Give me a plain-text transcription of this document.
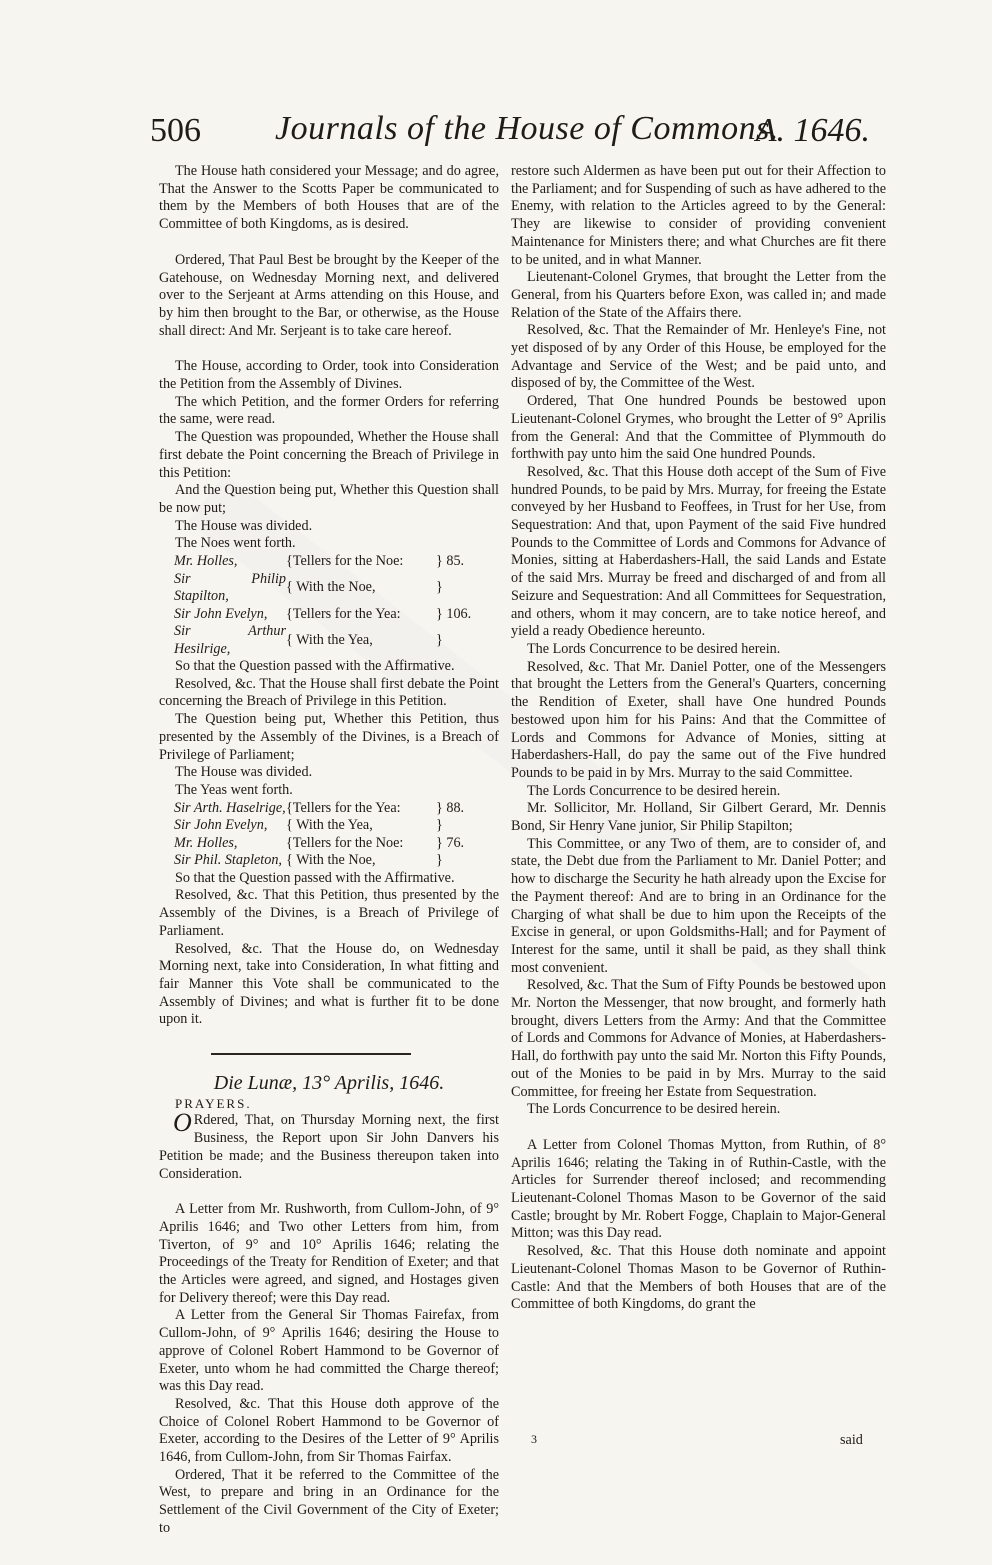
506 Journals of the House of Commons.
A. 1646.

The House hath considered your Message; and do agree, That the Answer to the Scotts Paper be communicated to them by the Members of both Houses that are of the Committee of both Kingdoms, as is desired.

Ordered, That Paul Best be brought by the Keeper of the Gatehouse, on Wednesday Morning next, and delivered over to the Serjeant at Arms attending on this House, and by him then brought to the Bar, or otherwise, as the House shall direct: And Mr. Serjeant is to take care hereof.

The House, according to Order, took into Consideration the Petition from the Assembly of Divines.

The which Petition, and the former Orders for referring the same, were read.

The Question was propounded, Whether the House shall first debate the Point concerning the Breach of Privilege in this Petition:

And the Question being put, Whether this Question shall be now put;

The House was divided.

The Noes went forth.

Mr. Holles,	{Tellers for the Noe:	} 85.
Sir Philip Stapilton,	{ With the Noe,	}
Sir John Evelyn,	{Tellers for the Yea:	} 106.
Sir Arthur Hesilrige,	{ With the Yea,	}

So that the Question passed with the Affirmative.

Resolved, &c. That the House shall first debate the Point concerning the Breach of Privilege in this Petition.

The Question being put, Whether this Petition, thus presented by the Assembly of the Divines, is a Breach of Privilege of Parliament;

The House was divided.

The Yeas went forth.

Sir Arth. Haselrige,	{Tellers for the Yea:	} 88.
Sir John Evelyn,	{ With the Yea,	}
Mr. Holles,	{Tellers for the Noe:	} 76.
Sir Phil. Stapleton,	{ With the Noe,	}

So that the Question passed with the Affirmative.

Resolved, &c. That this Petition, thus presented by the Assembly of the Divines, is a Breach of Privilege of Parliament.

Resolved, &c. That the House do, on Wednesday Morning next, take into Consideration, In what fitting and fair Manner this Vote shall be communicated to the Assembly of Divines; and what is further fit to be done upon it.

Die Lunæ, 13° Aprilis, 1646.

PRAYERS.

O Rdered, That, on Thursday Morning next, the first Business, the Report upon Sir John Danvers his Petition be made; and the Business thereupon taken into Consideration.

A Letter from Mr. Rushworth, from Cullom-John, of 9° Aprilis 1646; and Two other Letters from him, from Tiverton, of 9° and 10° Aprilis 1646; relating the Proceedings of the Treaty for Rendition of Exeter; and that the Articles were agreed, and signed, and Hostages given for Delivery thereof; were this Day read.

A Letter from the General Sir Thomas Fairefax, from Cullom-John, of 9° Aprilis 1646; desiring the House to approve of Colonel Robert Hammond to be Governor of Exeter, unto whom he had committed the Charge thereof; was this Day read.

Resolved, &c. That this House doth approve of the Choice of Colonel Robert Hammond to be Governor of Exeter, according to the Desires of the Letter of 9° Aprilis 1646, from Cullom-John, from Sir Thomas Fairfax.

Ordered, That it be referred to the Committee of the West, to prepare and bring in an Ordinance for the Settlement of the Civil Government of the City of Exeter; to

restore such Aldermen as have been put out for their Affection to the Parliament; and for Suspending of such as have adhered to the Enemy, with relation to the Articles agreed to by the General: They are likewise to consider of providing convenient Maintenance for Ministers there; and what Churches are fit there to be united, and in what Manner.

Lieutenant-Colonel Grymes, that brought the Letter from the General, from his Quarters before Exon, was called in; and made Relation of the State of the Affairs there.

Resolved, &c. That the Remainder of Mr. Henleye's Fine, not yet disposed of by any Order of this House, be employed for the Advantage and Service of the West; and be paid unto, and disposed of by, the Committee of the West.

Ordered, That One hundred Pounds be bestowed upon Lieutenant-Colonel Grymes, who brought the Letter of 9° Aprilis from the General: And that the Committee of Plymmouth do forthwith pay unto him the said One hundred Pounds.

Resolved, &c. That this House doth accept of the Sum of Five hundred Pounds, to be paid by Mrs. Murray, for freeing the Estate conveyed by her Husband to Feoffees, in Trust for her Use, from Sequestration: And that, upon Payment of the said Five hundred Pounds to the Committee of Lords and Commons for Advance of Monies, sitting at Haberdashers-Hall, the said Lands and Estate of the said Mrs. Murray be freed and discharged of and from all Seizure and Sequestration: And all Committees for Sequestration, and others, whom it may concern, are to take notice hereof, and yield a ready Obedience hereunto.

The Lords Concurrence to be desired herein.

Resolved, &c. That Mr. Daniel Potter, one of the Messengers that brought the Letters from the General's Quarters, concerning the Rendition of Exeter, shall have One hundred Pounds bestowed upon him for his Pains: And that the Committee of Lords and Commons for Advance of Monies, sitting at Haberdashers-Hall, do pay the same out of the Five hundred Pounds to be paid in by Mrs. Murray to the said Committee.

The Lords Concurrence to be desired herein.

Mr. Sollicitor, Mr. Holland, Sir Gilbert Gerard, Mr. Dennis Bond, Sir Henry Vane junior, Sir Philip Stapilton;

This Committee, or any Two of them, are to consider of, and state, the Debt due from the Parliament to Mr. Daniel Potter; and how to discharge the Security he hath already upon the Excise for the Payment thereof: And are to bring in an Ordinance for the Charging of what shall be due to him upon the Receipts of the Excise in general, or upon Goldsmiths-Hall; and for Payment of Interest for the same, until it shall be paid, as they shall think most convenient.

Resolved, &c. That the Sum of Fifty Pounds be bestowed upon Mr. Norton the Messenger, that now brought, and formerly hath brought, divers Letters from the Army: And that the Committee of Lords and Commons for Advance of Monies, at Haberdashers-Hall, do forthwith pay unto the said Mr. Norton this Fifty Pounds, out of the Monies to be paid in by Mrs. Murray to the said Committee, for freeing her Estate from Sequestration.

The Lords Concurrence to be desired herein.

A Letter from Colonel Thomas Mytton, from Ruthin, of 8° Aprilis 1646; relating the Taking in of Ruthin-Castle, with the Articles for Surrender thereof inclosed; and recommending Lieutenant-Colonel Thomas Mason to be Governor of the said Castle; brought by Mr. Robert Fogge, Chaplain to Major-General Mitton; was this Day read.

Resolved, &c. That this House doth nominate and appoint Lieutenant-Colonel Thomas Mason to be Governor of Ruthin-Castle: And that the Members of both Houses that are of the Committee of both Kingdoms, do grant the

3	said
